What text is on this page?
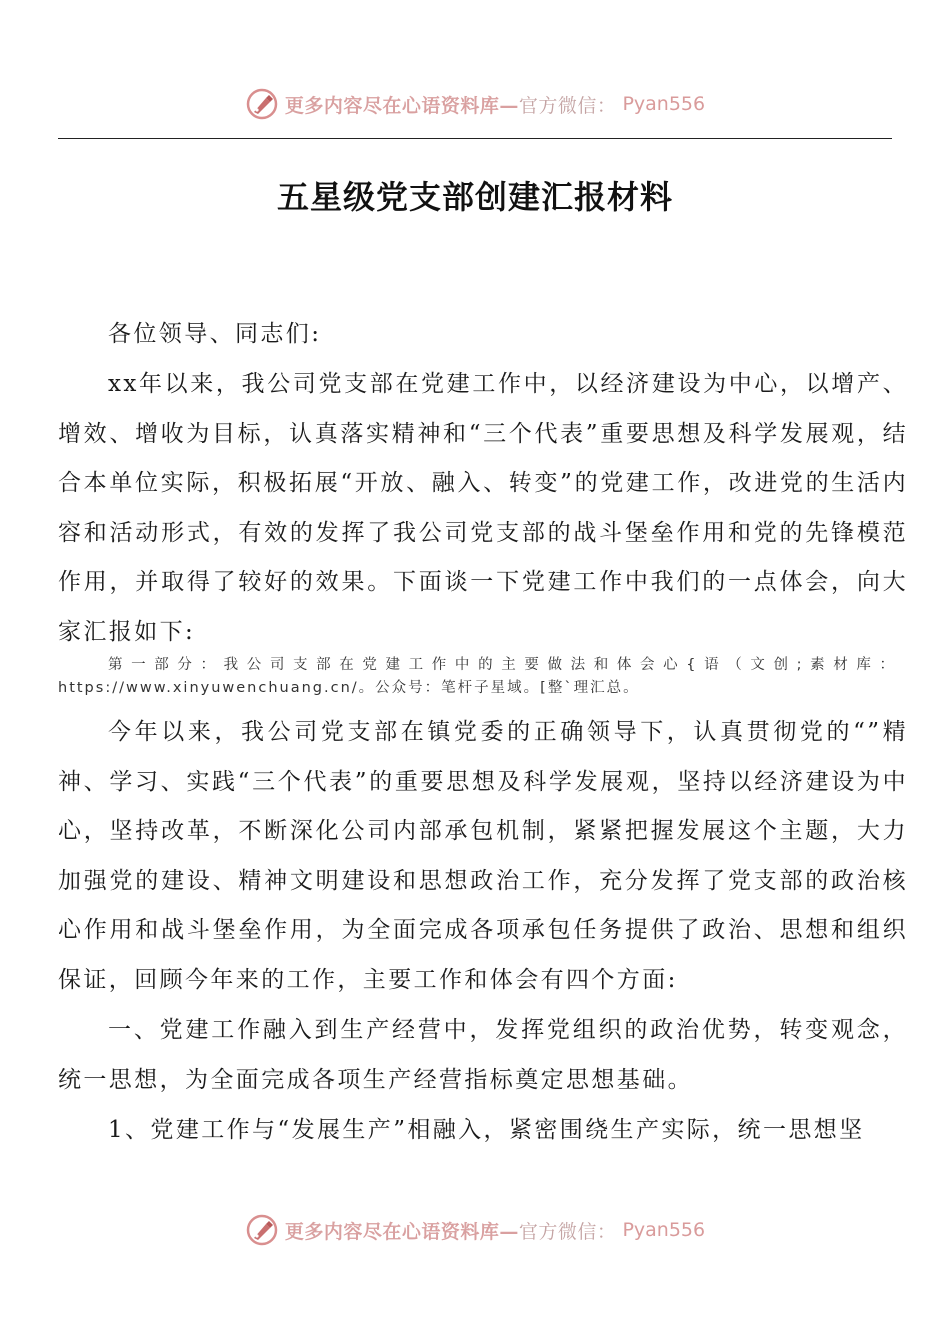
更多内容尽在心语资料库—官方微信： Pyan556
五星级党支部创建汇报材料

各位领导、同志们:

xx年以来，我公司党支部在党建工作中，以经济建设为中心，以增产、增效、增收为目标，认真落实精神和“三个代表”重要思想及科学发展观，结合本单位实际，积极拓展“开放、融入、转变”的党建工作，改进党的生活内容和活动形式，有效的发挥了我公司党支部的战斗堡垒作用和党的先锋模范作用，并取得了较好的效果。下面谈一下党建工作中我们的一点体会，向大家汇报如下:

第一部分：我公司支部在党建工作中的主要做法和体会心{语（文创;素材库：https://www.xinyuwenchuang.cn/。公众号：笔杆子星域。[整`理汇总。

今年以来，我公司党支部在镇党委的正确领导下，认真贯彻党的“”精神、学习、实践“三个代表”的重要思想及科学发展观，坚持以经济建设为中心，坚持改革，不断深化公司内部承包机制，紧紧把握发展这个主题，大力加强党的建设、精神文明建设和思想政治工作，充分发挥了党支部的政治核心作用和战斗堡垒作用，为全面完成各项承包任务提供了政治、思想和组织保证，回顾今年来的工作，主要工作和体会有四个方面:

一、党建工作融入到生产经营中，发挥党组织的政治优势，转变观念，统一思想，为全面完成各项生产经营指标奠定思想基础。

1、党建工作与“发展生产”相融入，紧密围绕生产实际，统一思想坚

更多内容尽在心语资料库—官方微信： Pyan556
